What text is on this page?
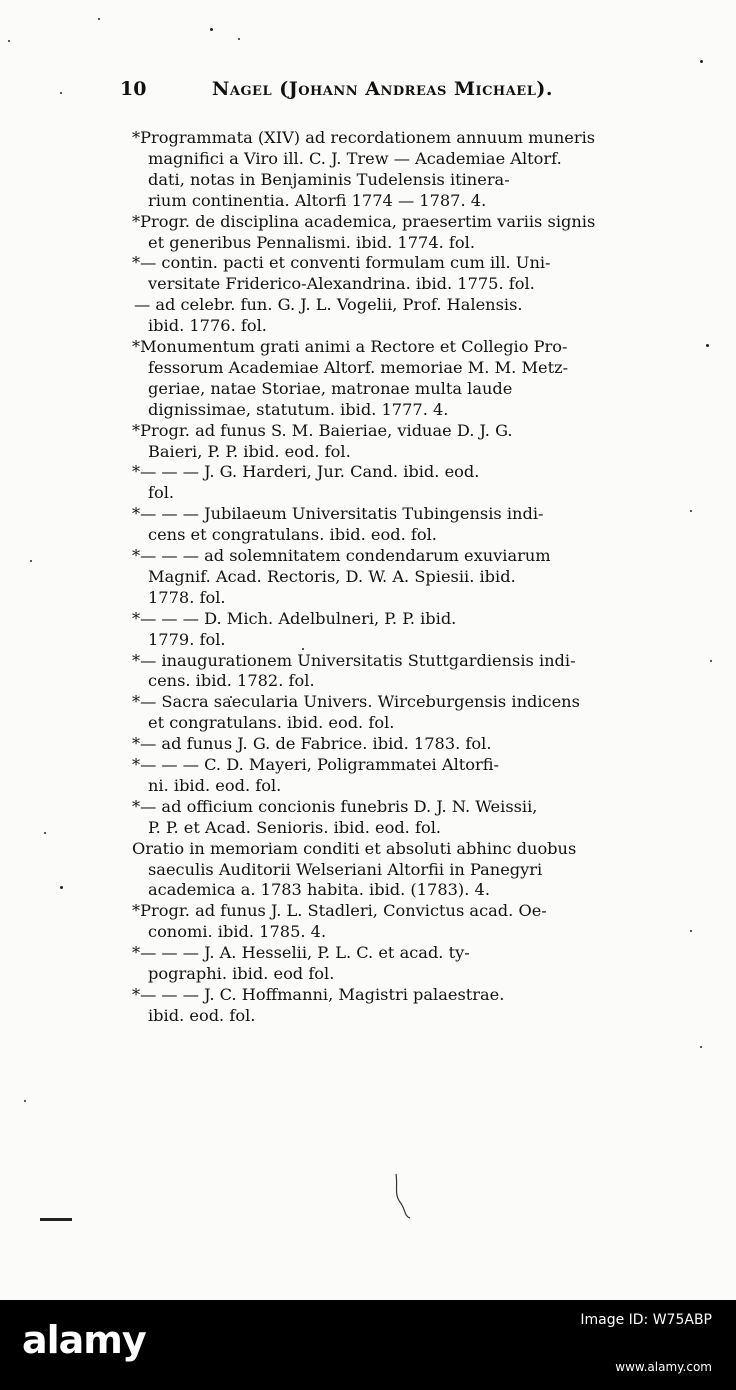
10	Nagel (Johann Andreas Michael).
*Programmata (XIV) ad recordationem annuum muneris
magnifici a Viro ill. C. J. Trew — Academiae Altorf.
dati, notas in Benjaminis Tudelensis itinera-
rium continentia. Altorfi 1774 — 1787. 4.
*Progr. de disciplina academica, praesertim variis signis
et generibus Pennalismi. ibid. 1774. fol.
*— contin. pacti et conventi formulam cum ill. Uni-
versitate Friderico-Alexandrina. ibid. 1775. fol.
— ad celebr. fun. G. J. L. Vogelii, Prof. Halensis.
ibid. 1776. fol.
*Monumentum grati animi a Rectore et Collegio Pro-
fessorum Academiae Altorf. memoriae M. M. Metz-
geriae, natae Storiae, matronae multa laude
dignissimae, statutum. ibid. 1777. 4.
*Progr. ad funus S. M. Baieriae, viduae D. J. G.
Baieri, P. P. ibid. eod. fol.
*— — — J. G. Harderi, Jur. Cand. ibid. eod.
fol.
*— — — Jubilaeum Universitatis Tubingensis indi-
cens et congratulans. ibid. eod. fol.
*— — — ad solemnitatem condendarum exuviarum
Magnif. Acad. Rectoris, D. W. A. Spiesii. ibid.
1778. fol.
*— — — D. Mich. Adelbulneri, P. P. ibid.
1779. fol.
*— inaugurationem Universitatis Stuttgardiensis indi-
cens. ibid. 1782. fol.
*— Sacra saecularia Univers. Wirceburgensis indicens
et congratulans. ibid. eod. fol.
*— ad funus J. G. de Fabrice. ibid. 1783. fol.
*— — — C. D. Mayeri, Poligrammatei Altorfi-
ni. ibid. eod. fol.
*— ad officium concionis funebris D. J. N. Weissii,
P. P. et Acad. Senioris. ibid. eod. fol.
Oratio in memoriam conditi et absoluti abhinc duobus
saeculis Auditorii Welseriani Altorfii in Panegyri
academica a. 1783 habita. ibid. (1783). 4.
*Progr. ad funus J. L. Stadleri, Convictus acad. Oe-
conomi. ibid. 1785. 4.
*— — — J. A. Hesselii, P. L. C. et acad. ty-
pographi. ibid. eod fol.
*— — — J. C. Hoffmanni, Magistri palaestrae.
ibid. eod. fol.
alamy	Image ID: W75ABP
www.alamy.com
